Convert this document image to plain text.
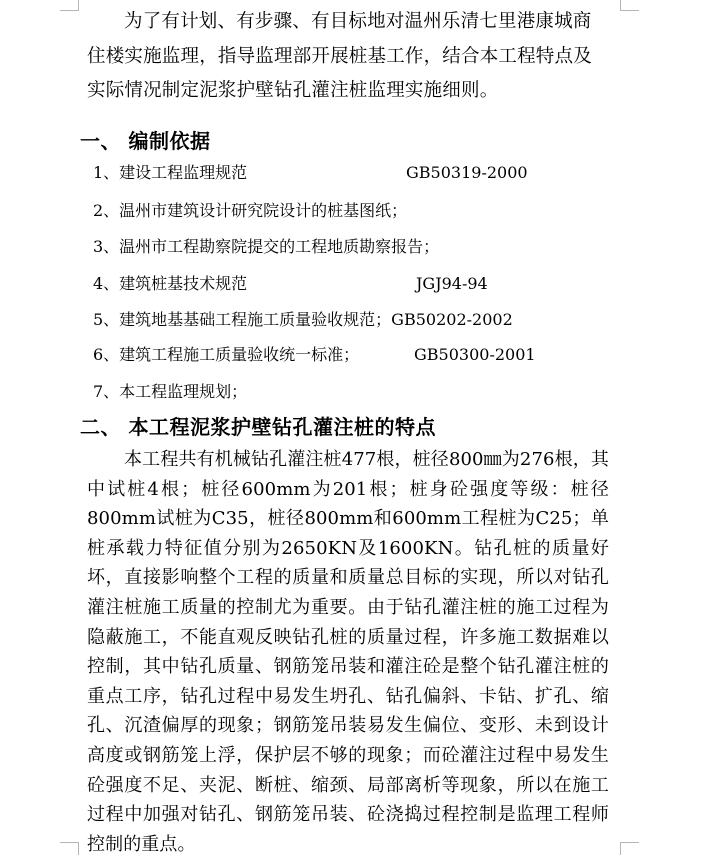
为了有计划、有步骤、有目标地对温州乐清七里港康城商住楼实施监理，指导监理部开展桩基工作，结合本工程特点及实际情况制定泥浆护壁钻孔灌注桩监理实施细则。
一、 编制依据
1、建设工程监理规范	GB50319-2000
2、温州市建筑设计研究院设计的桩基图纸；
3、温州市工程勘察院提交的工程地质勘察报告；
4、建筑桩基技术规范	JGJ94-94
5、建筑地基基础工程施工质量验收规范；GB50202-2002
6、建筑工程施工质量验收统一标准；	GB50300-2001
7、本工程监理规划；
二、 本工程泥浆护壁钻孔灌注桩的特点
本工程共有机械钻孔灌注桩477根，桩径800㎜为276根，其中试桩4根；桩径600mm为201根；桩身砼强度等级：桩径800mm试桩为C35，桩径800mm和600mm工程桩为C25；单桩承载力特征值分别为2650KN及1600KN。钻孔桩的质量好坏，直接影响整个工程的质量和质量总目标的实现，所以对钻孔灌注桩施工质量的控制尤为重要。由于钻孔灌注桩的施工过程为隐蔽施工，不能直观反映钻孔桩的质量过程，许多施工数据难以控制，其中钻孔质量、钢筋笼吊装和灌注砼是整个钻孔灌注桩的重点工序，钻孔过程中易发生坍孔、钻孔偏斜、卡钻、扩孔、缩孔、沉渣偏厚的现象；钢筋笼吊装易发生偏位、变形、未到设计高度或钢筋笼上浮，保护层不够的现象；而砼灌注过程中易发生砼强度不足、夹泥、断桩、缩颈、局部离析等现象，所以在施工过程中加强对钻孔、钢筋笼吊装、砼浇捣过程控制是监理工程师控制的重点。
